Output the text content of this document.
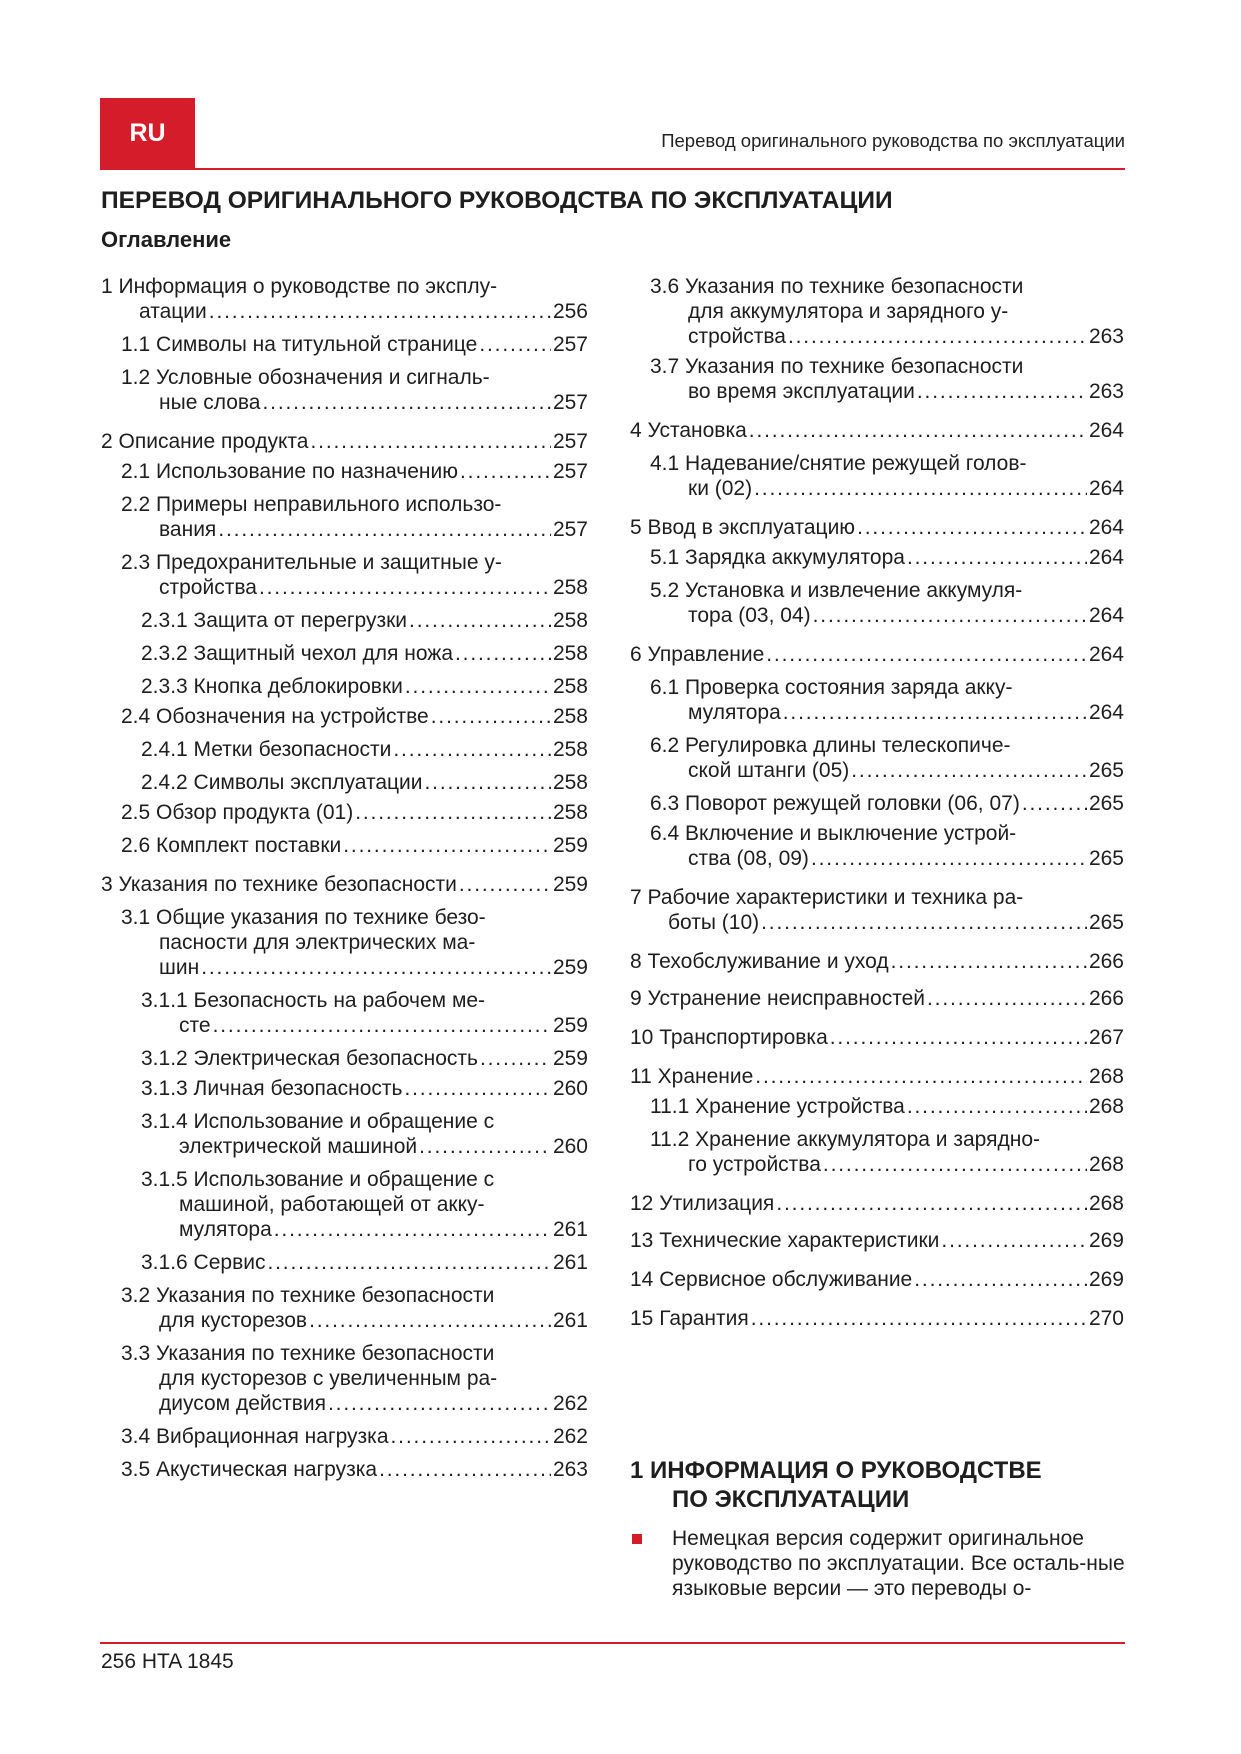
RU	Перевод оригинального руководства по эксплуатации
ПЕРЕВОД ОРИГИНАЛЬНОГО РУКОВОДСТВА ПО ЭКСПЛУАТАЦИИ
Оглавление
1 Информация о руководстве по эксплу-
атации . . .	256
1.1 Символы на титульной странице . . .	257
1.2 Условные обозначения и сигналь-
ные слова . . .	257
2 Описание продукта . . .	257
2.1 Использование по назначению . . .	257
2.2 Примеры неправильного использо-
вания . . .	257
2.3 Предохранительные и защитные у-
стройства . . .	258
2.3.1 Защита от перегрузки . . .	258
2.3.2 Защитный чехол для ножа . . .	258
2.3.3 Кнопка деблокировки . . .	258
2.4 Обозначения на устройстве . . .	258
2.4.1 Метки безопасности . . .	258
2.4.2 Символы эксплуатации . . .	258
2.5 Обзор продукта (01) . . .	258
2.6 Комплект поставки . . .	259
3 Указания по технике безопасности . . .	259
3.1 Общие указания по технике безо-
пасности для электрических ма-
шин . . .	259
3.1.1 Безопасность на рабочем ме-
сте . . .	259
3.1.2 Электрическая безопасность . . .	259
3.1.3 Личная безопасность . . .	260
3.1.4 Использование и обращение с
электрической машиной . . .	260
3.1.5 Использование и обращение с
машиной, работающей от акку-
мулятора . . .	261
3.1.6 Сервис . . .	261
3.2 Указания по технике безопасности
для кусторезов . . .	261
3.3 Указания по технике безопасности
для кусторезов с увеличенным ра-
диусом действия . . .	262
3.4 Вибрационная нагрузка . . .	262
3.5 Акустическая нагрузка . . .	263
3.6 Указания по технике безопасности
для аккумулятора и зарядного у-
стройства . . .	263
3.7 Указания по технике безопасности
во время эксплуатации . . .	263
4 Установка . . .	264
4.1 Надевание/снятие режущей голов-
ки (02) . . .	264
5 Ввод в эксплуатацию . . .	264
5.1 Зарядка аккумулятора . . .	264
5.2 Установка и извлечение аккумуля-
тора (03, 04) . . .	264
6 Управление . . .	264
6.1 Проверка состояния заряда акку-
мулятора . . .	264
6.2 Регулировка длины телескопиче-
ской штанги (05) . . .	265
6.3 Поворот режущей головки (06, 07) . . .	265
6.4 Включение и выключение устрой-
ства (08, 09) . . .	265
7 Рабочие характеристики и техника ра-
боты (10) . . .	265
8 Техобслуживание и уход . . .	266
9 Устранение неисправностей . . .	266
10 Транспортировка . . .	267
11 Хранение . . .	268
11.1 Хранение устройства . . .	268
11.2 Хранение аккумулятора и зарядно-
го устройства . . .	268
12 Утилизация . . .	268
13 Технические характеристики . . .	269
14 Сервисное обслуживание . . .	269
15 Гарантия . . .	270
1 ИНФОРМАЦИЯ О РУКОВОДСТВЕ
ПО ЭКСПЛУАТАЦИИ
Немецкая версия содержит оригинальное руководство по эксплуатации. Все осталь-ные языковые версии — это переводы о-
256 HTA 1845
